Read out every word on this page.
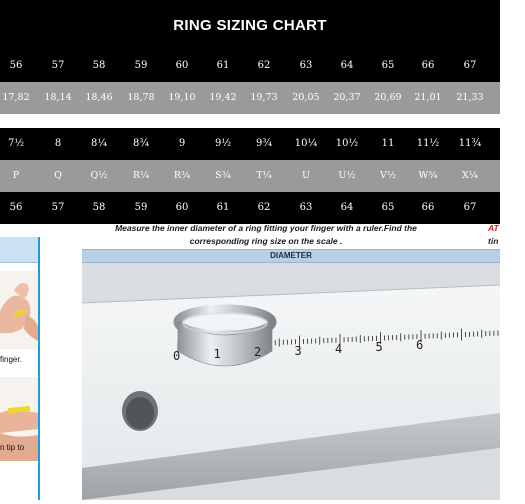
RING SIZING CHART
56	57	58	59	60	61	62	63	64	65	66	67	6
17,82	18,14	18,46	18,78	19,10	19,42	19,73	20,05	20,37	20,69	21,01	21,33	2
7½	8	8¼	8¾	9	9½	9¾	10¼	10½	11	11½	11¾
P	Q	Q½	R¼	R¾	S¾	T¼	U	U½	V½	W¾	X¼
56	57	58	59	60	61	62	63	64	65	66	67	6
Measure the inner diameter of a ring fitting your finger with a ruler.Find the
corresponding ring size on the scale .
AT
tin
DIAMETER
0	1	2	3	4	5	6
finger.
n tip to
